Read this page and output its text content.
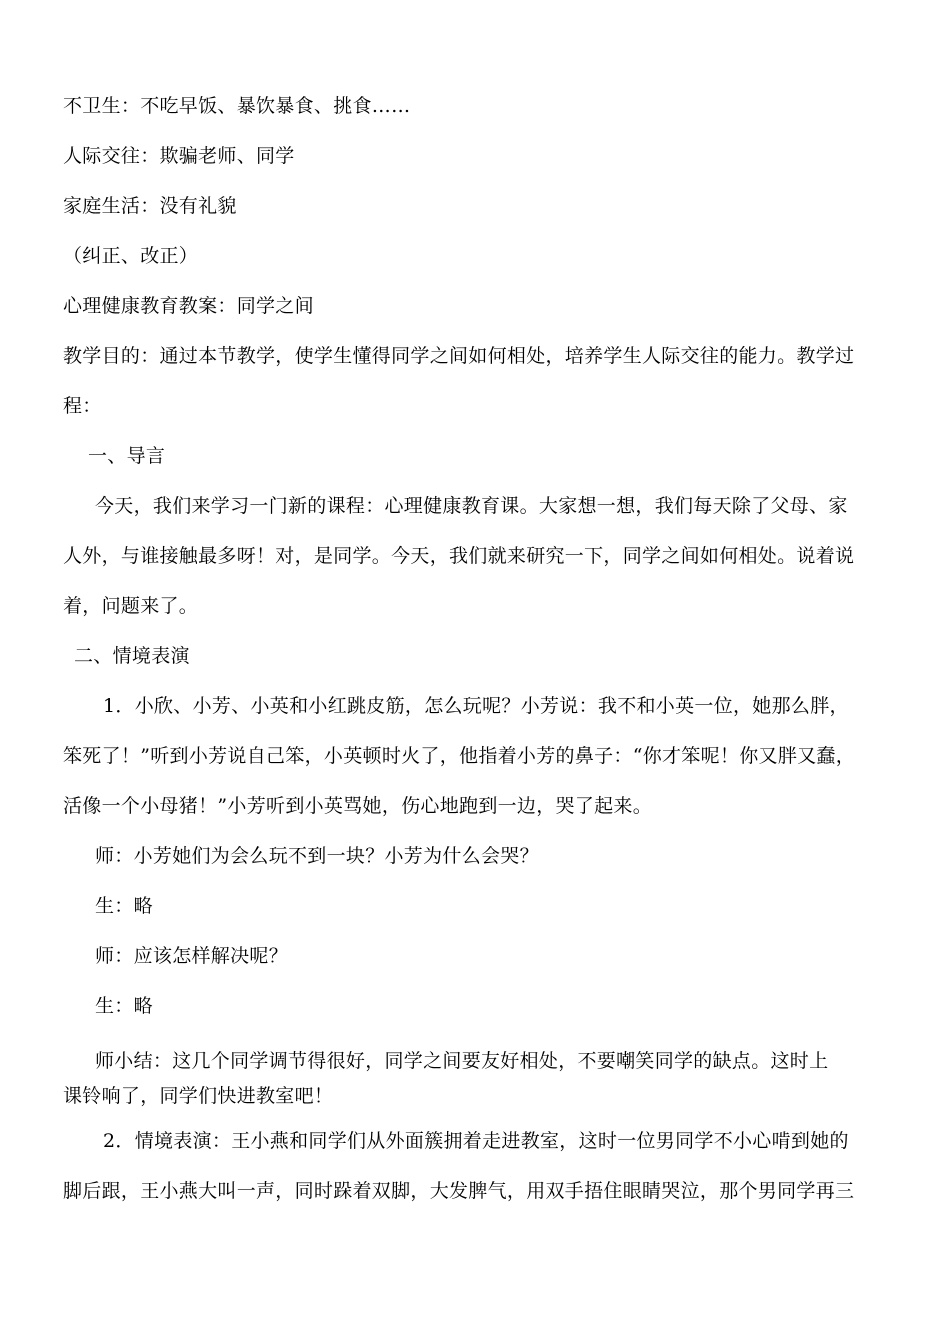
不卫生：不吃早饭、暴饮暴食、挑食……
人际交往：欺骗老师、同学
家庭生活：没有礼貌
（纠正、改正）
心理健康教育教案：同学之间
教学目的：通过本节教学，使学生懂得同学之间如何相处，培养学生人际交往的能力。教学过
程：
一、导言
今天，我们来学习一门新的课程：心理健康教育课。大家想一想，我们每天除了父母、家
人外，与谁接触最多呀！对，是同学。今天，我们就来研究一下，同学之间如何相处。说着说
着，问题来了。
二、情境表演
1．小欣、小芳、小英和小红跳皮筋，怎么玩呢？小芳说：我不和小英一位，她那么胖，
笨死了！”听到小芳说自己笨，小英顿时火了，他指着小芳的鼻子：“你才笨呢！你又胖又蠢，
活像一个小母猪！”小芳听到小英骂她，伤心地跑到一边，哭了起来。
师：小芳她们为会么玩不到一块？小芳为什么会哭？
生：略
师：应该怎样解决呢？
生：略
师小结：这几个同学调节得很好，同学之间要友好相处，不要嘲笑同学的缺点。这时上
课铃响了，同学们快进教室吧！
2．情境表演：王小燕和同学们从外面簇拥着走进教室，这时一位男同学不小心啃到她的
脚后跟，王小燕大叫一声，同时跺着双脚，大发脾气，用双手捂住眼睛哭泣，那个男同学再三
